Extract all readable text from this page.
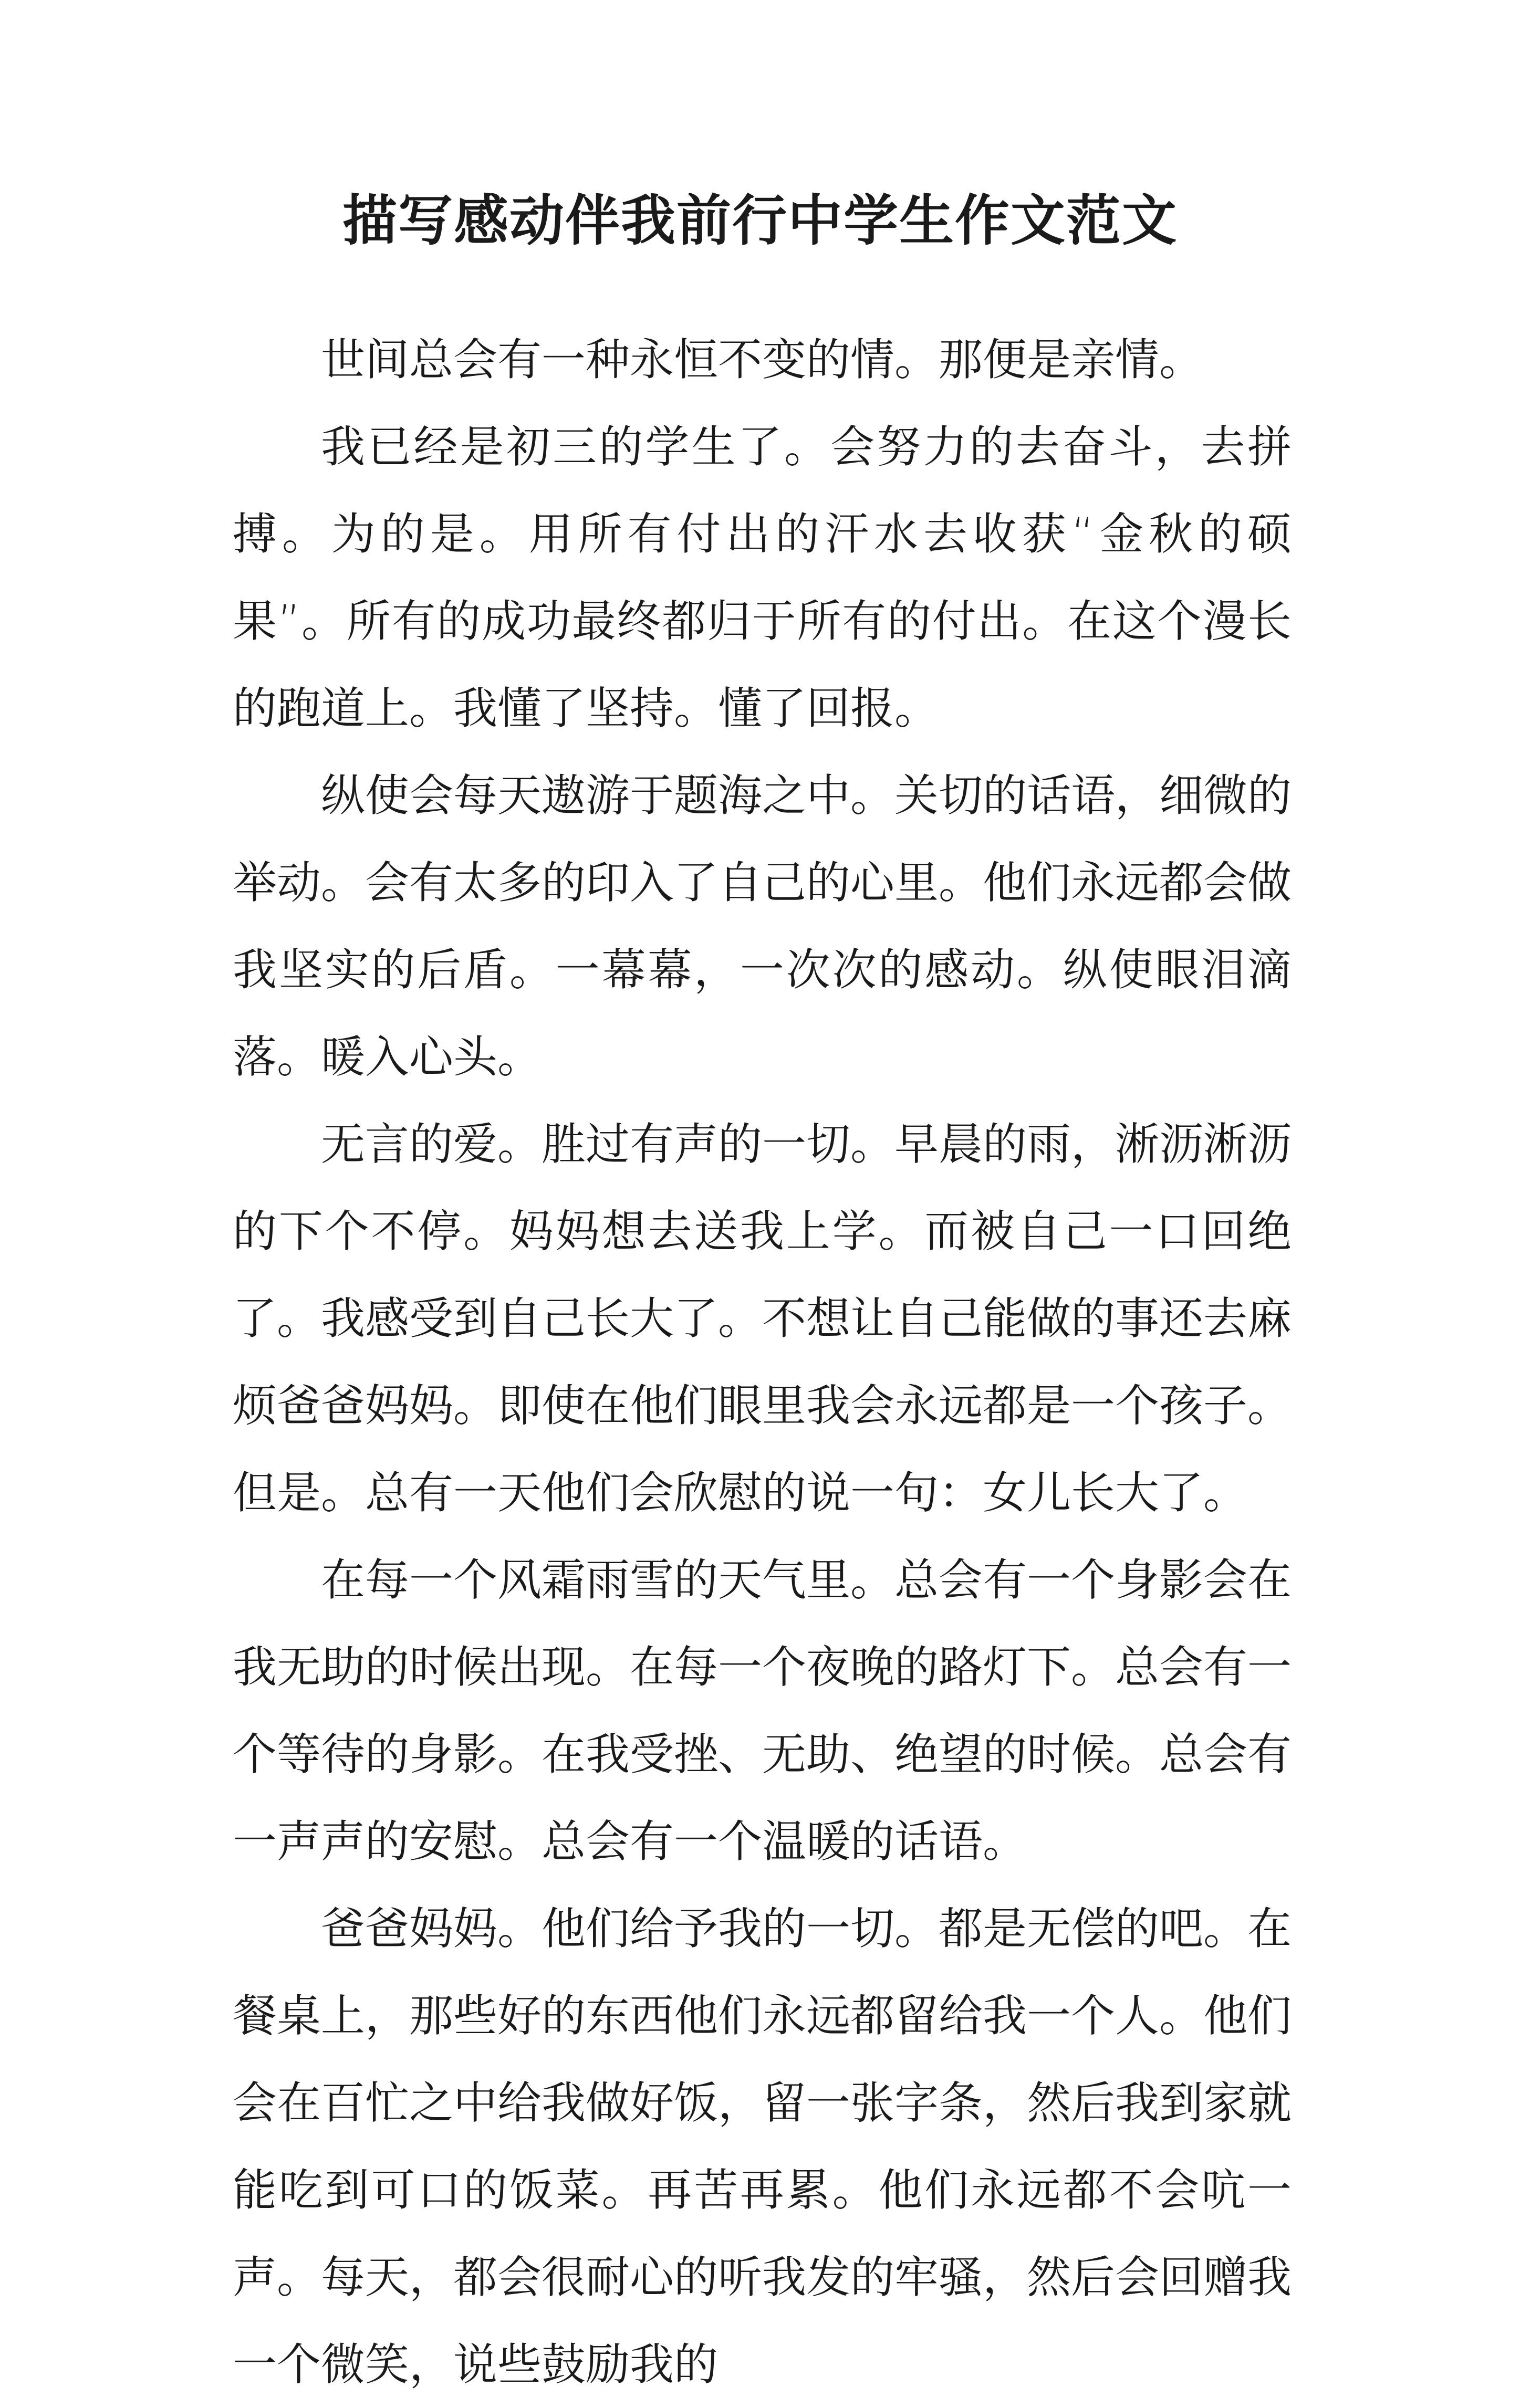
描写感动伴我前行中学生作文范文

世间总会有一种永恒不变的情。那便是亲情。

我已经是初三的学生了。会努力的去奋斗，去拼搏。为的是。用所有付出的汗水去收获“金秋的硕果”。所有的成功最终都归于所有的付出。在这个漫长的跑道上。我懂了坚持。懂了回报。

纵使会每天遨游于题海之中。关切的话语，细微的举动。会有太多的印入了自己的心里。他们永远都会做我坚实的后盾。一幕幕，一次次的感动。纵使眼泪滴落。暖入心头。

无言的爱。胜过有声的一切。早晨的雨，淅沥淅沥的下个不停。妈妈想去送我上学。而被自己一口回绝了。我感受到自己长大了。不想让自己能做的事还去麻烦爸爸妈妈。即使在他们眼里我会永远都是一个孩子。但是。总有一天他们会欣慰的说一句：女儿长大了。

在每一个风霜雨雪的天气里。总会有一个身影会在我无助的时候出现。在每一个夜晚的路灯下。总会有一个等待的身影。在我受挫、无助、绝望的时候。总会有一声声的安慰。总会有一个温暖的话语。

爸爸妈妈。他们给予我的一切。都是无偿的吧。在餐桌上，那些好的东西他们永远都留给我一个人。他们会在百忙之中给我做好饭，留一张字条，然后我到家就能吃到可口的饭菜。再苦再累。他们永远都不会吭一声。每天，都会很耐心的听我发的牢骚，然后会回赠我一个微笑，说些鼓励我的
